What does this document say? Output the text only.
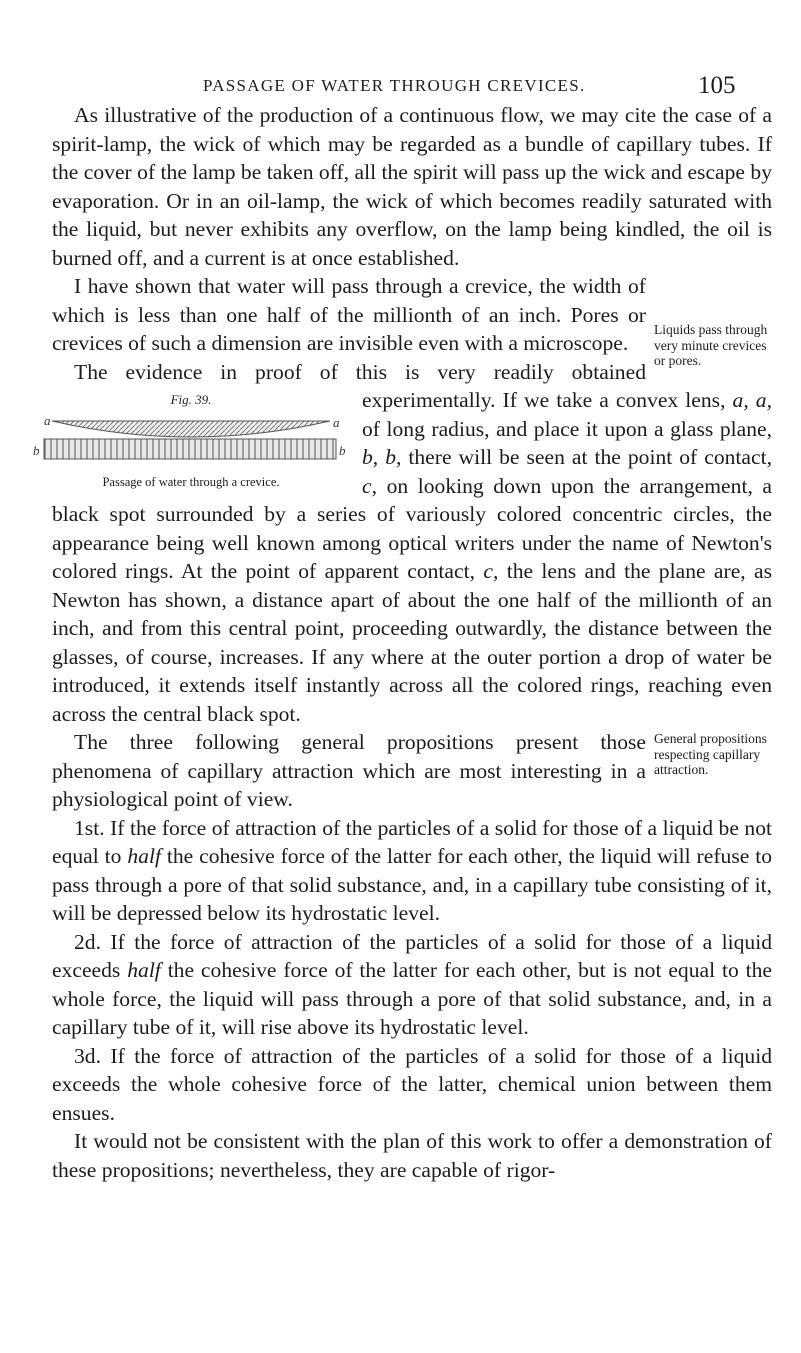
PASSAGE OF WATER THROUGH CREVICES.	105

As illustrative of the production of a continuous flow, we may cite the case of a spirit-lamp, the wick of which may be regarded as a bundle of capillary tubes. If the cover of the lamp be taken off, all the spirit will pass up the wick and escape by evaporation. Or in an oil-lamp, the wick of which becomes readily saturated with the liquid, but never exhibits any overflow, on the lamp being kindled, the oil is burned off, and a current is at once established.

Liquids pass through very minute crevices or pores.
I have shown that water will pass through a crevice, the width of which is less than one half of the millionth of an inch. Pores or crevices of such a dimension are invisible even with a microscope.

The evidence in proof of this is very readily obtained experimentally. If we take a convex lens,
Fig. 39.
a	a
b	b
Passage of water through a crevice.
a, a, of long radius, and place it upon a glass plane, b, b, there will be seen at the point of contact, c, on looking down upon the arrangement, a black spot surrounded by a series of variously colored concentric circles, the appearance being well known among optical writers under the name of Newton's colored rings. At the point of apparent contact, c, the lens and the plane are, as Newton has shown, a distance apart of about the one half of the millionth of an inch, and from this central point, proceeding outwardly, the distance between the glasses, of course, increases. If any where at the outer portion a drop of water be introduced, it extends itself instantly across all the colored rings, reaching even across the central black spot.

General propositions respecting capillary attraction.
The three following general propositions present those phenomena of capillary attraction which are most interesting in a physiological point of view.

1st. If the force of attraction of the particles of a solid for those of a liquid be not equal to half the cohesive force of the latter for each other, the liquid will refuse to pass through a pore of that solid substance, and, in a capillary tube consisting of it, will be depressed below its hydrostatic level.

2d. If the force of attraction of the particles of a solid for those of a liquid exceeds half the cohesive force of the latter for each other, but is not equal to the whole force, the liquid will pass through a pore of that solid substance, and, in a capillary tube of it, will rise above its hydrostatic level.

3d. If the force of attraction of the particles of a solid for those of a liquid exceeds the whole cohesive force of the latter, chemical union between them ensues.

It would not be consistent with the plan of this work to offer a demonstration of these propositions; nevertheless, they are capable of rigor-
